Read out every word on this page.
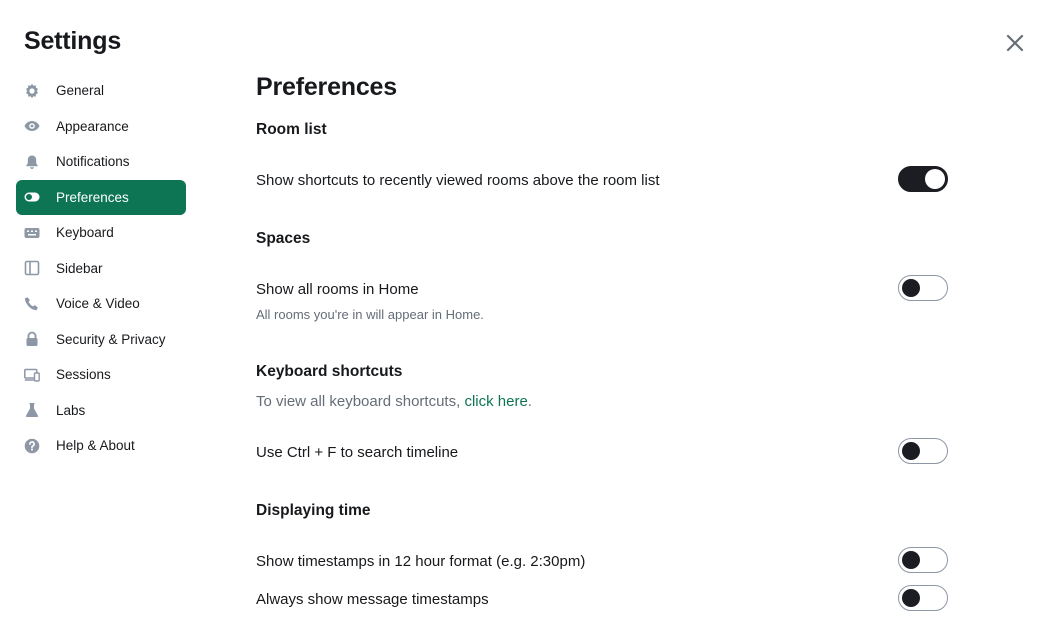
Settings
General
Appearance
Notifications
Preferences
Keyboard
Sidebar
Voice & Video
Security & Privacy
Sessions
Labs
Help & About
Preferences
Room list
Show shortcuts to recently viewed rooms above the room list
Spaces
Show all rooms in Home
All rooms you're in will appear in Home.
Keyboard shortcuts
To view all keyboard shortcuts, click here.
Use Ctrl + F to search timeline
Displaying time
Show timestamps in 12 hour format (e.g. 2:30pm)
Always show message timestamps
